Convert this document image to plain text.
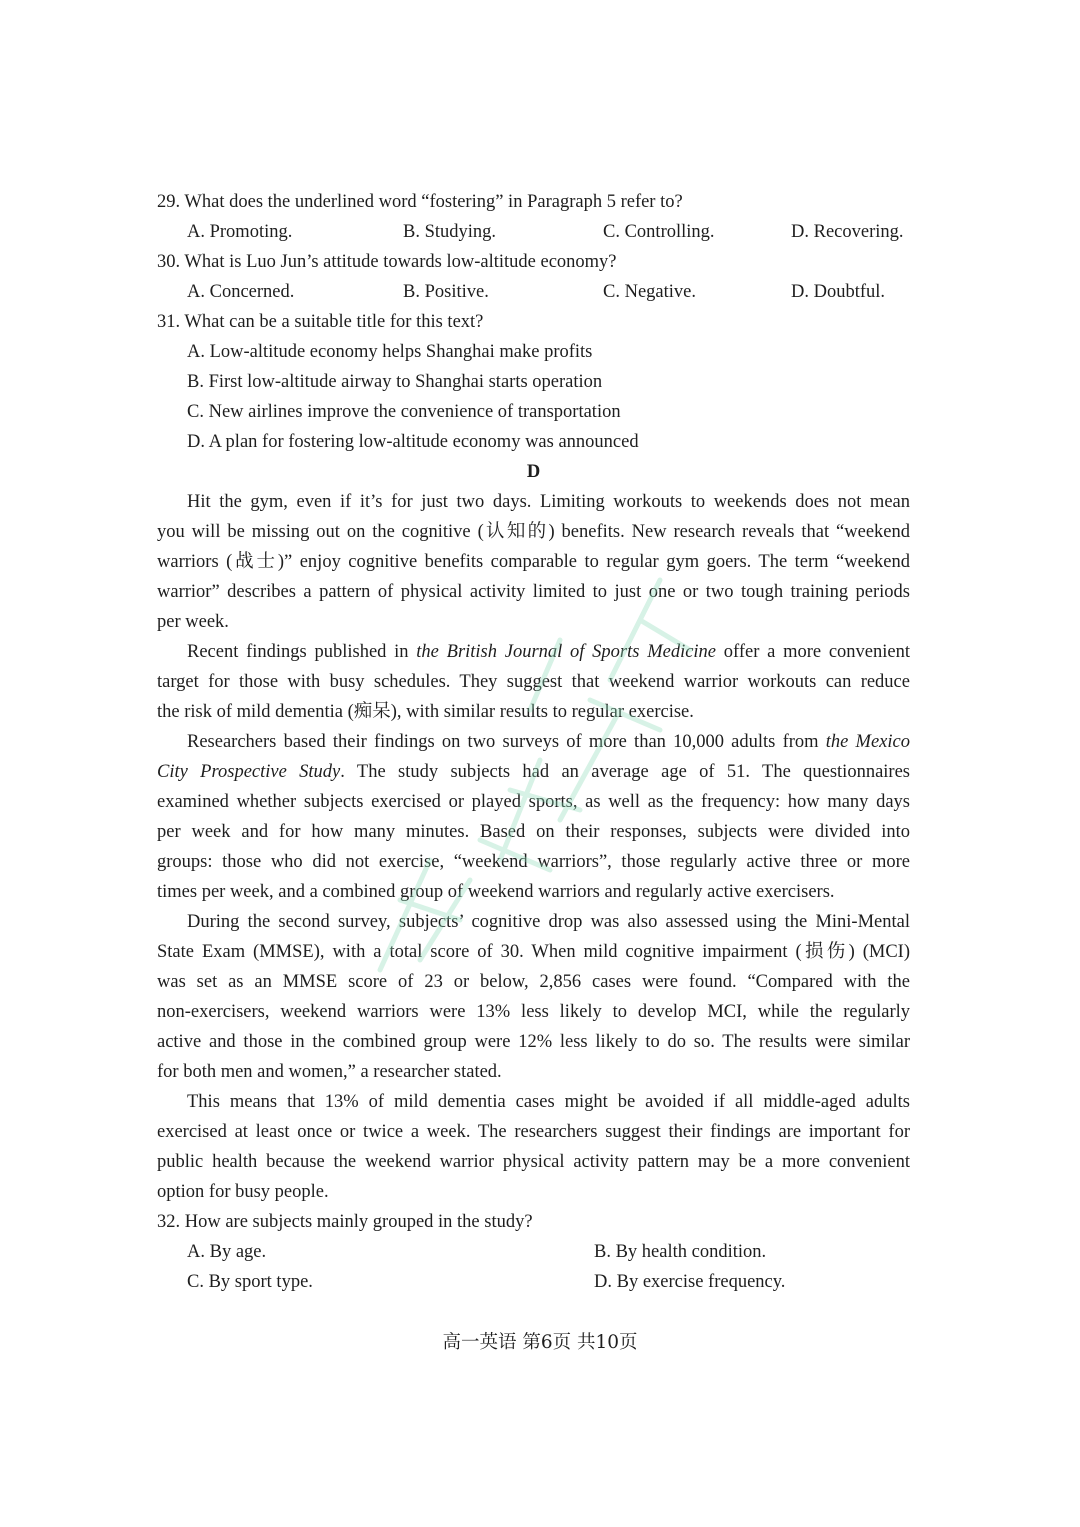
29. What does the underlined word “fostering” in Paragraph 5 refer to?
A. Promoting.	B. Studying.	C. Controlling.	D. Recovering.
30. What is Luo Jun’s attitude towards low-altitude economy?
A. Concerned.	B. Positive.	C. Negative.	D. Doubtful.
31. What can be a suitable title for this text?
A. Low-altitude economy helps Shanghai make profits
B. First low-altitude airway to Shanghai starts operation
C. New airlines improve the convenience of transportation
D. A plan for fostering low-altitude economy was announced
D
Hit the gym, even if it’s for just two days. Limiting workouts to weekends does not mean
you will be missing out on the cognitive (认知的) benefits. New research reveals that “weekend
warriors (战士)” enjoy cognitive benefits comparable to regular gym goers. The term “weekend
warrior” describes a pattern of physical activity limited to just one or two tough training periods
per week.
Recent findings published in the British Journal of Sports Medicine offer a more convenient
target for those with busy schedules. They suggest that weekend warrior workouts can reduce
the risk of mild dementia (痴呆), with similar results to regular exercise.
Researchers based their findings on two surveys of more than 10,000 adults from the Mexico
City Prospective Study. The study subjects had an average age of 51. The questionnaires
examined whether subjects exercised or played sports, as well as the frequency: how many days
per week and for how many minutes. Based on their responses, subjects were divided into
groups: those who did not exercise, “weekend warriors”, those regularly active three or more
times per week, and a combined group of weekend warriors and regularly active exercisers.
During the second survey, subjects’ cognitive drop was also assessed using the Mini-Mental
State Exam (MMSE), with a total score of 30. When mild cognitive impairment (损伤) (MCI)
was set as an MMSE score of 23 or below, 2,856 cases were found. “Compared with the
non-exercisers, weekend warriors were 13% less likely to develop MCI, while the regularly
active and those in the combined group were 12% less likely to do so. The results were similar
for both men and women,” a researcher stated.
This means that 13% of mild dementia cases might be avoided if all middle-aged adults
exercised at least once or twice a week. The researchers suggest their findings are important for
public health because the weekend warrior physical activity pattern may be a more convenient
option for busy people.
32. How are subjects mainly grouped in the study?
A. By age.	B. By health condition.
C. By sport type.	D. By exercise frequency.
高一英语 第6页 共10页
